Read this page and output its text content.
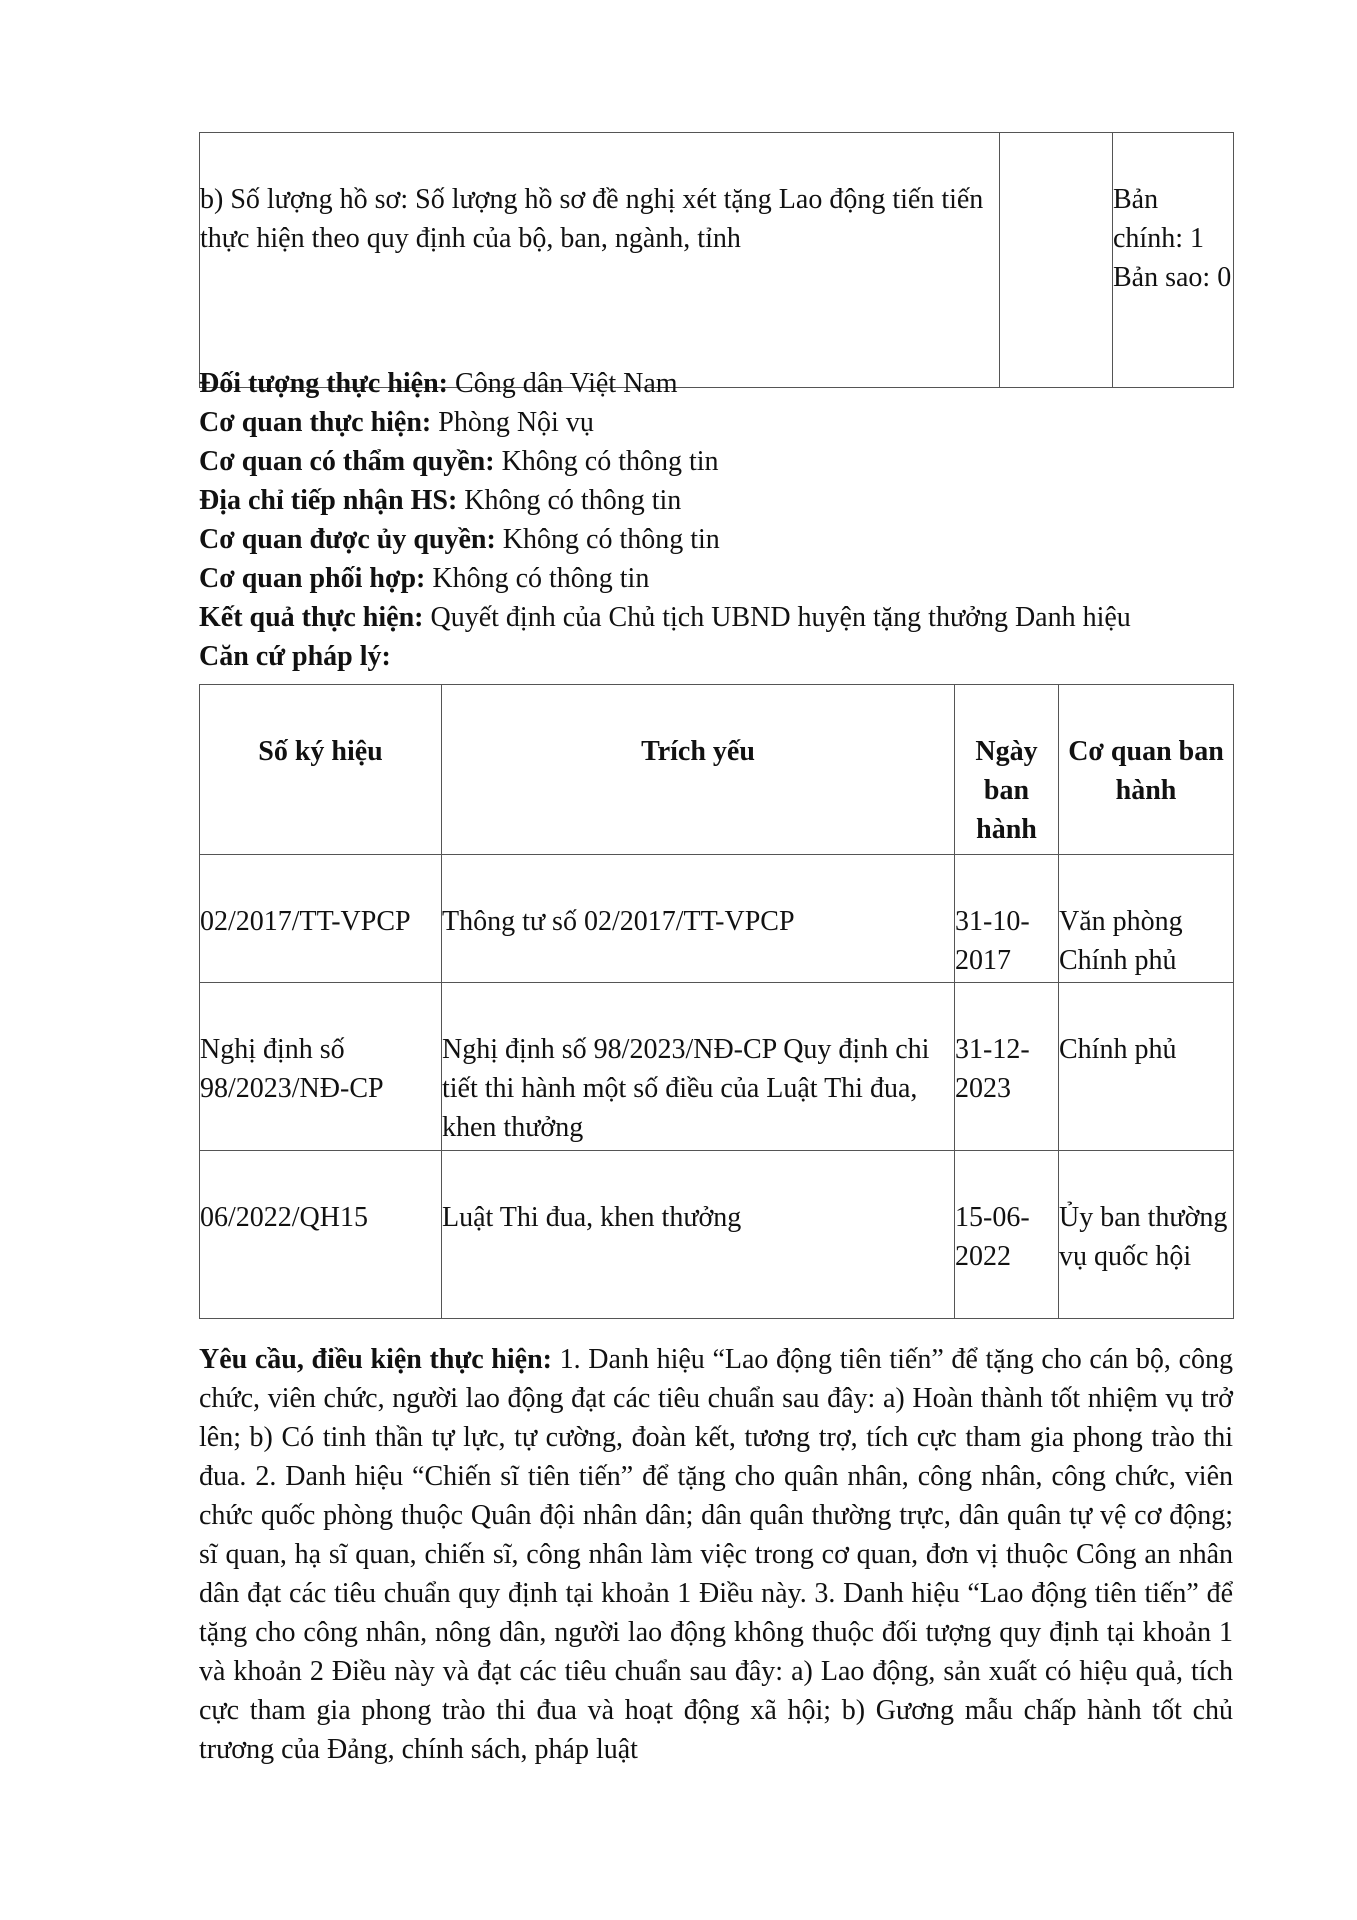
b) Số lượng hồ sơ: Số lượng hồ sơ đề nghị xét tặng Lao động tiến tiến thực hiện theo quy định của bộ, ban, ngành, tỉnh		Bản chính: 1 Bản sao: 0
Đối tượng thực hiện: Công dân Việt Nam
Cơ quan thực hiện: Phòng Nội vụ
Cơ quan có thẩm quyền: Không có thông tin
Địa chỉ tiếp nhận HS: Không có thông tin
Cơ quan được ủy quyền: Không có thông tin
Cơ quan phối hợp: Không có thông tin
Kết quả thực hiện: Quyết định của Chủ tịch UBND huyện tặng thưởng Danh hiệu
Căn cứ pháp lý:
Số ký hiệu	Trích yếu	Ngày ban hành	Cơ quan ban hành
02/2017/TT-VPCP	Thông tư số 02/2017/TT-VPCP	31-10-2017	Văn phòng Chính phủ
Nghị định số 98/2023/NĐ-CP	Nghị định số 98/2023/NĐ-CP Quy định chi tiết thi hành một số điều của Luật Thi đua, khen thưởng	31-12-2023	Chính phủ
06/2022/QH15	Luật Thi đua, khen thưởng	15-06-2022	Ủy ban thường vụ quốc hội
Yêu cầu, điều kiện thực hiện: 1. Danh hiệu “Lao động tiên tiến” để tặng cho cán bộ, công chức, viên chức, người lao động đạt các tiêu chuẩn sau đây: a) Hoàn thành tốt nhiệm vụ trở lên; b) Có tinh thần tự lực, tự cường, đoàn kết, tương trợ, tích cực tham gia phong trào thi đua. 2. Danh hiệu “Chiến sĩ tiên tiến” để tặng cho quân nhân, công nhân, công chức, viên chức quốc phòng thuộc Quân đội nhân dân; dân quân thường trực, dân quân tự vệ cơ động; sĩ quan, hạ sĩ quan, chiến sĩ, công nhân làm việc trong cơ quan, đơn vị thuộc Công an nhân dân đạt các tiêu chuẩn quy định tại khoản 1 Điều này. 3. Danh hiệu “Lao động tiên tiến” để tặng cho công nhân, nông dân, người lao động không thuộc đối tượng quy định tại khoản 1 và khoản 2 Điều này và đạt các tiêu chuẩn sau đây: a) Lao động, sản xuất có hiệu quả, tích cực tham gia phong trào thi đua và hoạt động xã hội; b) Gương mẫu chấp hành tốt chủ trương của Đảng, chính sách, pháp luật
